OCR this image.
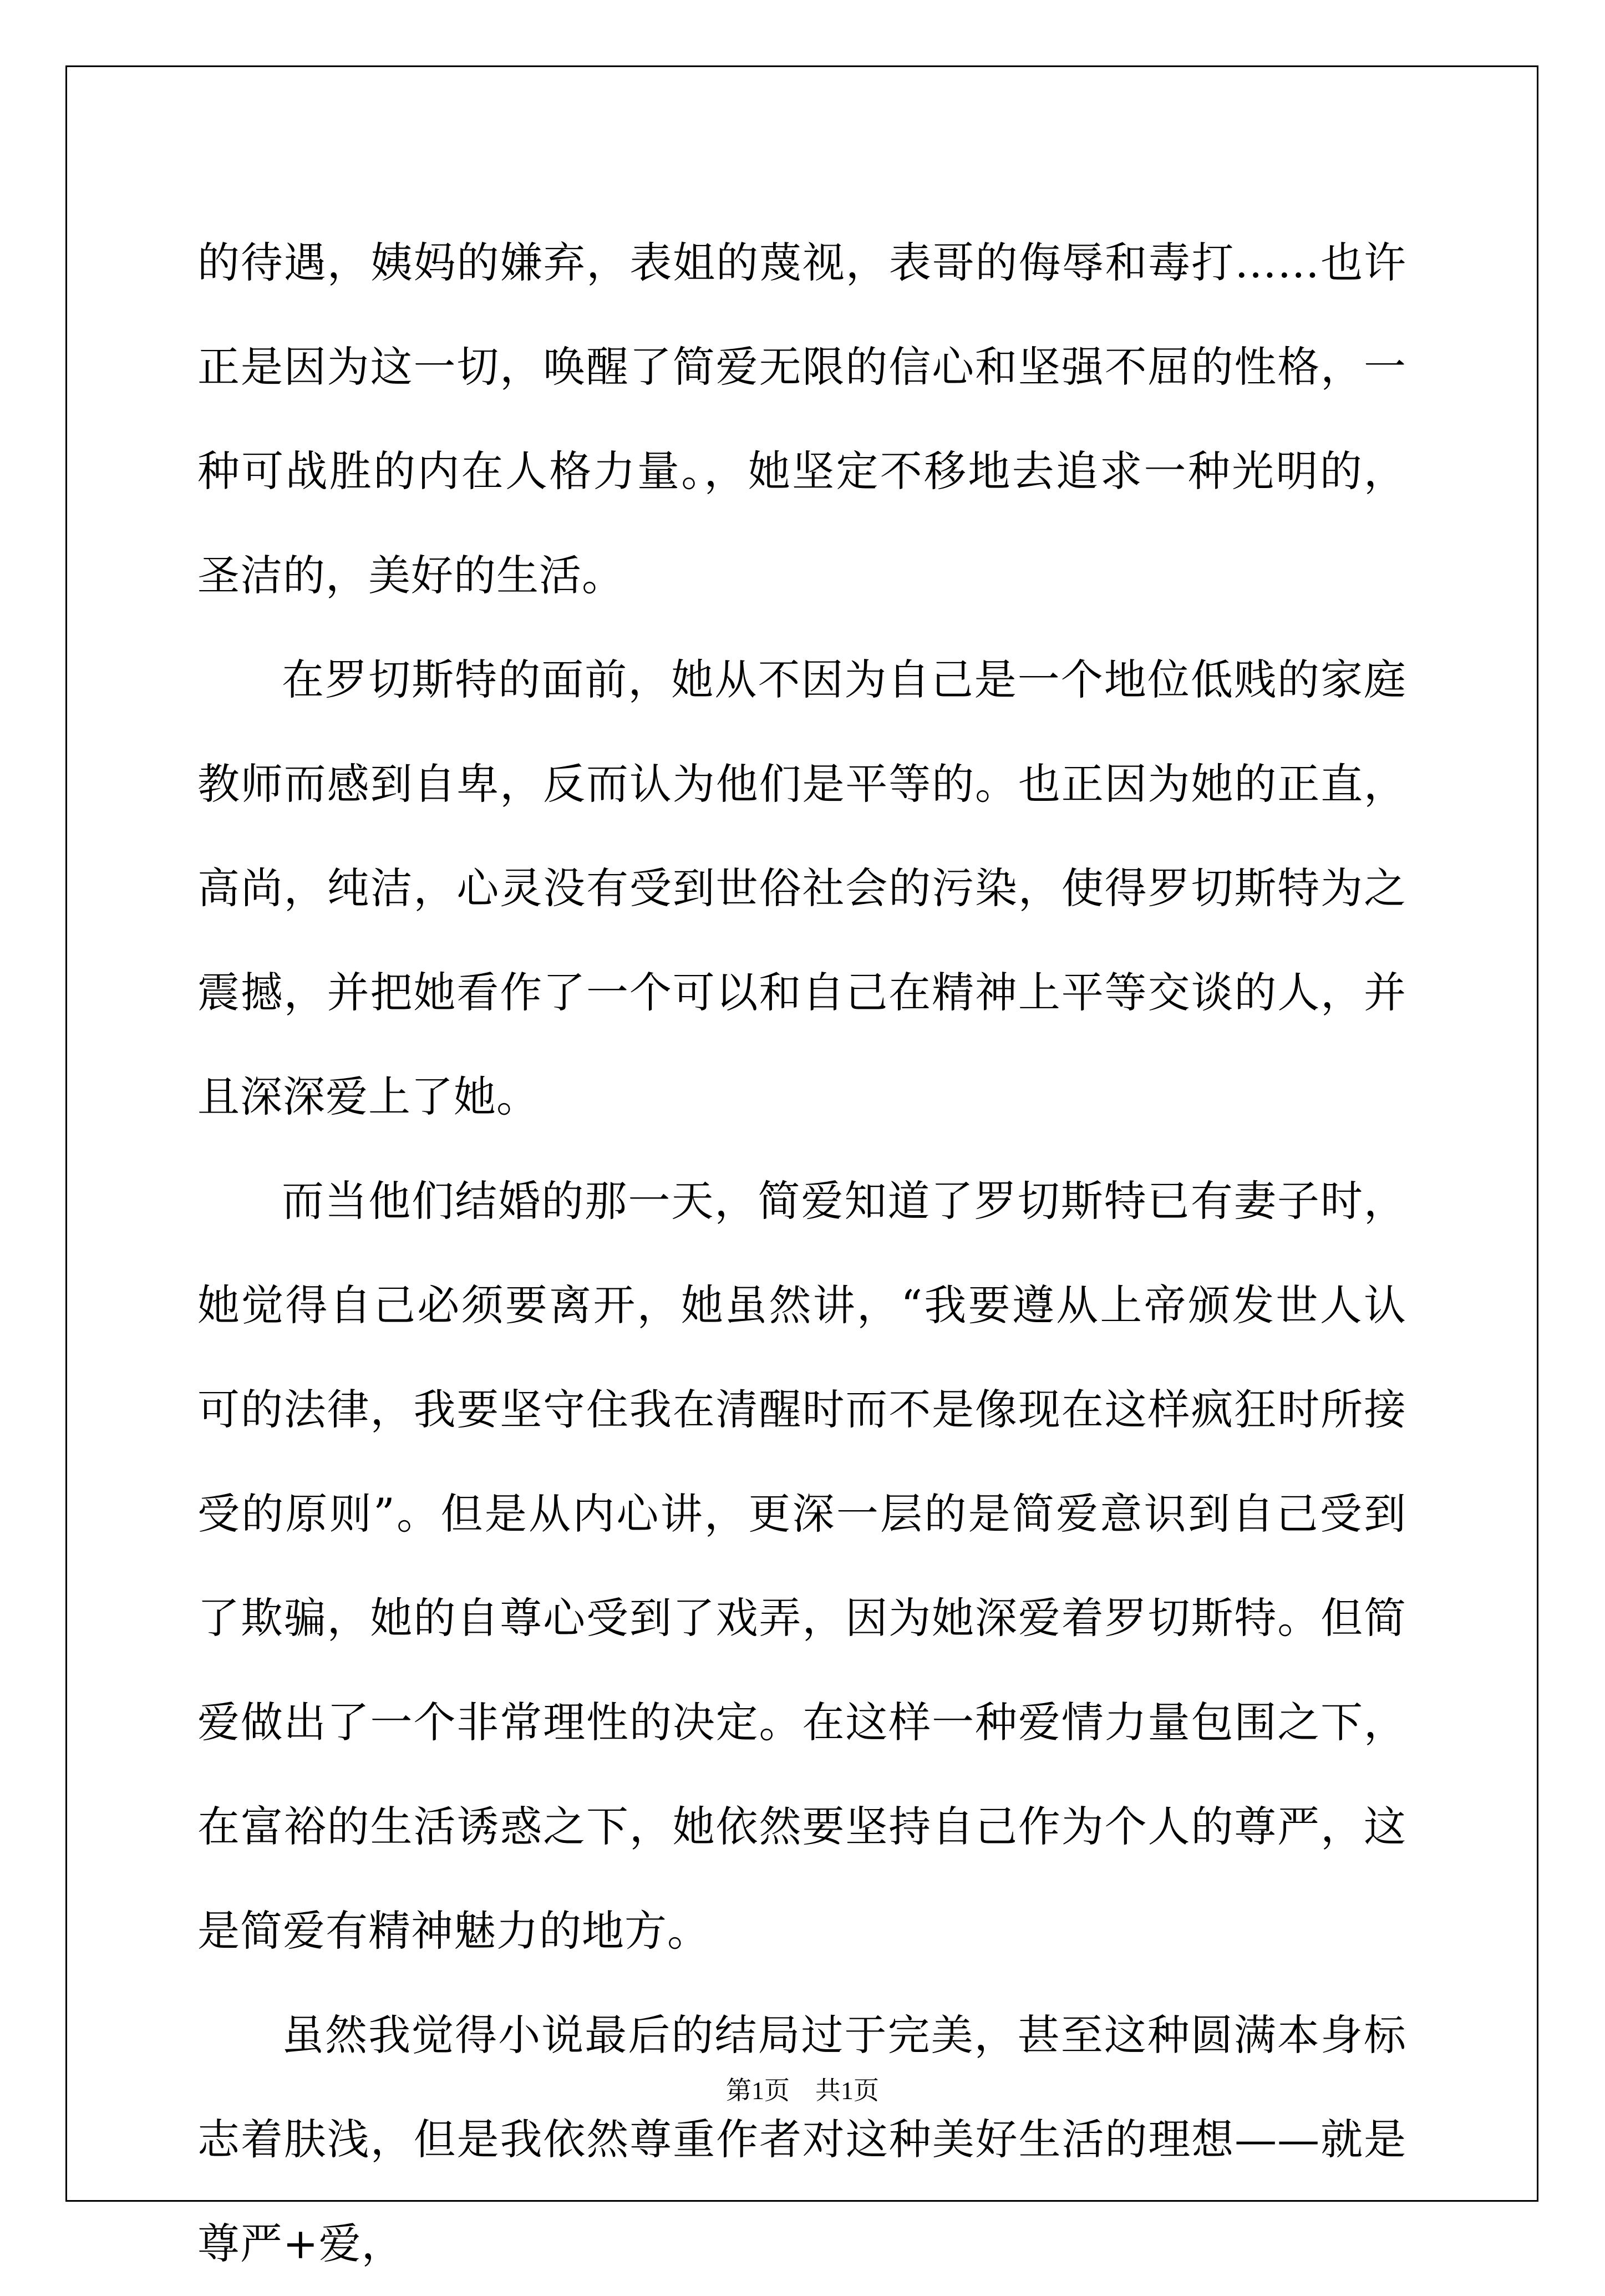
的待遇，姨妈的嫌弃，表姐的蔑视，表哥的侮辱和毒打……也许正是因为这一切，唤醒了简爱无限的信心和坚强不屈的性格，一种可战胜的内在人格力量。，她坚定不移地去追求一种光明的，圣洁的，美好的生活。

在罗切斯特的面前，她从不因为自己是一个地位低贱的家庭教师而感到自卑，反而认为他们是平等的。也正因为她的正直，高尚，纯洁，心灵没有受到世俗社会的污染，使得罗切斯特为之震撼，并把她看作了一个可以和自己在精神上平等交谈的人，并且深深爱上了她。

而当他们结婚的那一天，简爱知道了罗切斯特已有妻子时，她觉得自己必须要离开，她虽然讲，“我要遵从上帝颁发世人认可的法律，我要坚守住我在清醒时而不是像现在这样疯狂时所接受的原则”。但是从内心讲，更深一层的是简爱意识到自己受到了欺骗，她的自尊心受到了戏弄，因为她深爱着罗切斯特。但简爱做出了一个非常理性的决定。在这样一种爱情力量包围之下，在富裕的生活诱惑之下，她依然要坚持自己作为个人的尊严，这是简爱有精神魅力的地方。

虽然我觉得小说最后的结局过于完美，甚至这种圆满本身标志着肤浅，但是我依然尊重作者对这种美好生活的理想——就是尊严+爱，

第1页　共1页
